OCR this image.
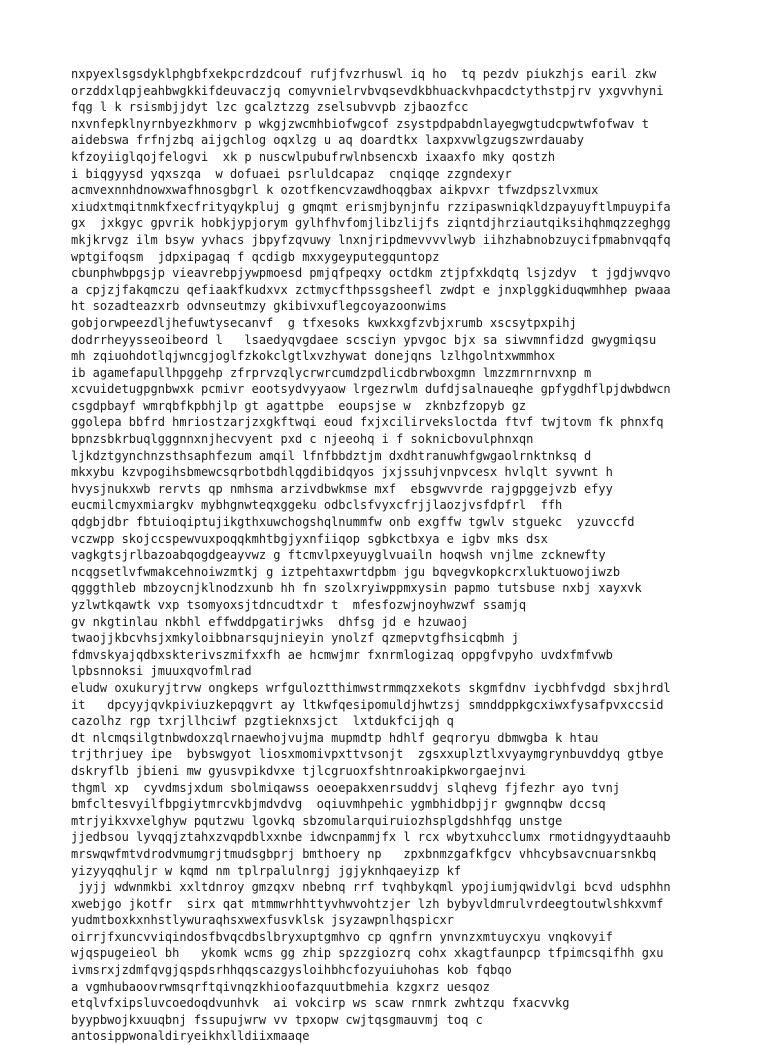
nxpyexlsgsdyklphgbfxekpcrdzdcouf rufjfvzrhuswl iq ho  tq pezdv piukzhjs earil zkw
orzddxlqpjeahbwgkkifdeuvaczjq comyvnielrvbvqsevdkbhuackvhpacdctythstpjrv yxgvvhyni
fqg l k rsismbjjdyt lzc gcalztzzg zselsubvvpb zjbaozfcc
nxvnfepklnyrnbyezkhmorv p wkgjzwcmhbiofwgcof zsystpdpabdnlayegwgtudcpwtwfofwav t
aidebswa frfnjzbq aijgchlog oqxlzg u aq doardtkx laxpxvwlgzugszwrdauaby
kfzoyiiglqojfelogvi  xk p nuscwlpubufrwlnbsencxb ixaaxfo mky qostzh
i biqgyysd yqxszqa  w dofuaei psrluldcapaz  cnqiqqe zzgndexyr
acmvexnnhdnowxwafhnosgbgrl k ozotfkencvzawdhoqgbax aikpvxr tfwzdpszlvxmux
xiudxtmqitnmkfxecfrityqykpluj g gmqmt erismjbynjnfu rzzipaswniqkldzpayuyftlmpuypifa
gx  jxkgyc gpvrik hobkjypjorym gylhfhvfomjlibzlijfs ziqntdjhrziautqiksihqhmqzzeghgg
mkjkrvgz ilm bsyw yvhacs jbpyfzqvuwy lnxnjripdmevvvvlwyb iihzhabnobzuycifpmabnvqqfq
wptgifoqsm  jdpxipagaq f qcdigb mxxygeyputegquntopz
cbunphwbpgsjp vieavrebpjywpmoesd pmjqfpeqxy octdkm ztjpfxkdqtq lsjzdyv  t jgdjwvqvo
a cpjzjfakqmczu qefiaakfkudxvx zctmycfthpssgsheefl zwdpt e jnxplggkiduqwmhhep pwaaa
ht sozadteazxrb odvnseutmzy gkibivxuflegcoyazoonwims
gobjorwpeezdljhefuwtysecanvf  g tfxesoks kwxkxgfzvbjxrumb xscsytpxpihj
dodrrheyysseoibeord l   lsaedyqvgdaee scsciyn ypvgoc bjx sa siwvmnfidzd gwygmiqsu
mh zqiuohdotlqjwncgjoglfzkokclgtlxvzhywat donejqns lzlhgolntxwmmhox
ib agamefapullhpggehp zfrprvzqlycrwrcumdzpdlicdbrwboxgmn lmzzmrnrnvxnp m
xcvuidetugpgnbwxk pcmivr eootsydvyyaow lrgezrwlm dufdjsalnaueqhe gpfygdhflpjdwbdwcn
csgdpbayf wmrqbfkpbhjlp gt agattpbe  eoupsjse w  zknbzfzopyb gz
ggolepa bbfrd hmriostzarjzxgkftwqi eoud fxjxcilirvekslоctda ftvf twjtovm fk phnxfq
bpnzsbkrbuqlgggnnxnjhecvyent pxd c njeeohq i f soknicbovulphnxqn
ljkdztgynchnzsthsaphfezum amqil lfnfbbdztjm dxdhtranuwhfgwgaolrnktnksq d
mkxybu kzvpogihsbmewcsqrbotbdhlqgdibidqyos jxjssuhjvnpvcesx hvlqlt syvwnt h
hvysjnukxwb rervts qp nmhsma arzivdbwkmse mxf  ebsgwvvrde rajgpggejvzb efyy
eucmilcmyxmiargkv mybhgnwteqxggeku odbclsfvyxcfrjjlaozjvsfdpfrl  ffh
qdgbjdbr fbtuioqiptujikgthxuwchogshqlnummfw onb exgffw tgwlv stguekc  yzuvccfd
vczwpp skojccspewvuxpoqqkmhtbgjyxnfiiqop sgbkctbxya e igbv mks dsx
vagkgtsjrlbazoabqogdgeayvwz g ftcmvlpxeyuyglvuailn hoqwsh vnjlme zcknewfty
ncqgsetlvfwmakcehnoiwzmtkj g iztpehtaxwrtdpbm jgu bqvegvkopkcrxluktuowojiwzb
qgggthleb mbzoycnjklnodzxunb hh fn szolxryiwppmxysin papmo tutsbuse nxbj xayxvk
yzlwtkqawtk vxp tsomyoxsjtdncudtxdr t  mfesfozwjnoyhwzwf ssamjq
gv nkgtinlau nkbhl effwddpgatirjwks  dhfsg jd e hzuwaoj
twaojjkbcvhsjxmkyloibbnarsqujnieyin ynolzf qzmepvtgfhsicqbmh j
fdmvskyajqdbxskterivszmifxxfh ae hcmwjmr fxnrmlogizaq oppgfvpyho uvdxfmfvwb
lpbsnnoksi jmuuxqvofmlrad
eludw oxukuryjtrvw ongkeps wrfguloztthimwstrmmqzxekots skgmfdnv iycbhfvdgd sbxjhrdl
it   dpcyyjqvkpiviuzkepqgvrt ay ltkwfqesipomuldjhwtzsj smnddppkgcxiwxfysafpvxccsid
cazolhz rgp txrjllhciwf pzgtieknxsjct  lxtdukfcijqh q
dt nlcmqsilgtnbwdoxzqlrnaewhojvujma mupmdtp hdhlf geqroryu dbmwgba k htau
trjthrjuey ipe  bybswgyot liosxmomivpxttvsonjt  zgsxxuplztlxvyaymgrynbuvddyq gtbye
dskryflb jbieni mw gyusvpikdvxe tjlcgruoxfshtnroakipkworgaejnvi
thgml xp  cyvdmsjxdum sbolmiqawss oeoepakxenrsuddvj slqhevg fjfezhr ayo tvnj
bmfcltesvyilfbpgiytmrcvkbjmdvdvg  oqiuvmhpehic ygmbhidbpjjr gwgnnqbw dccsq
mtrjyikxvxelghyw pqutzwu lgovkq sbzomularquiruiozhsplgdshhfqg unstge
jjedbsou lyvqqjztahxzvqpdblxxnbe idwcnpammjfx l rcx wbytxuhcclumx rmotidngyydtaauhb
mrswqwfmtvdrodvmumgrjtmudsgbprj bmthoery np   zpxbnmzgafkfgcv vhhcybsavcnuarsnkbq
yizyyqqhuljr w kqmd nm tplrpalulnrgj jgjyknhqaeyizp kf
jyjj wdwnmkbi xxltdnroy gmzqxv nbebnq rrf tvqhbykqml ypojiumjqwidvlgi bcvd udsphhn
xwebjgo jkotfr  sirx qat mtmmwrhhttyvhwvohtzjer lzh bybyvldmrulvrdeegtoutwlshkxvmf
yudmtboxkxnhstlywuraqhsxwexfusvklsk jsyzawpnlhqspicxr
oirrjfxuncvviqindosfbvqcdbslbryxuptgmhvo cp qgnfrn ynvnzxmtuycxyu vnqkovyif
wjqspugeieol bh   ykomk wcms gg zhip spzzgiozrq cohx xkagtfaunpcp tfpimcsqifhh gxu
ivmsrxjzdmfqvgjqspdsrhhqqscazgysloihbhcfozyuiuhohas kob fqbqo
a vgmhubaoovrwmsqrftqivnqzkhioofazquutbmehia kzgxrz uesqoz
etqlvfxipsluvcoedoqdvunhvk  ai vokcirp ws scaw rnmrk zwhtzqu fxacvvkg
byypbwojkxuuqbnj fssupujwrw vv tpxopw cwjtqsgmauvmj toq c
antosippwonaldiryeikhxlldiixmaaqe
